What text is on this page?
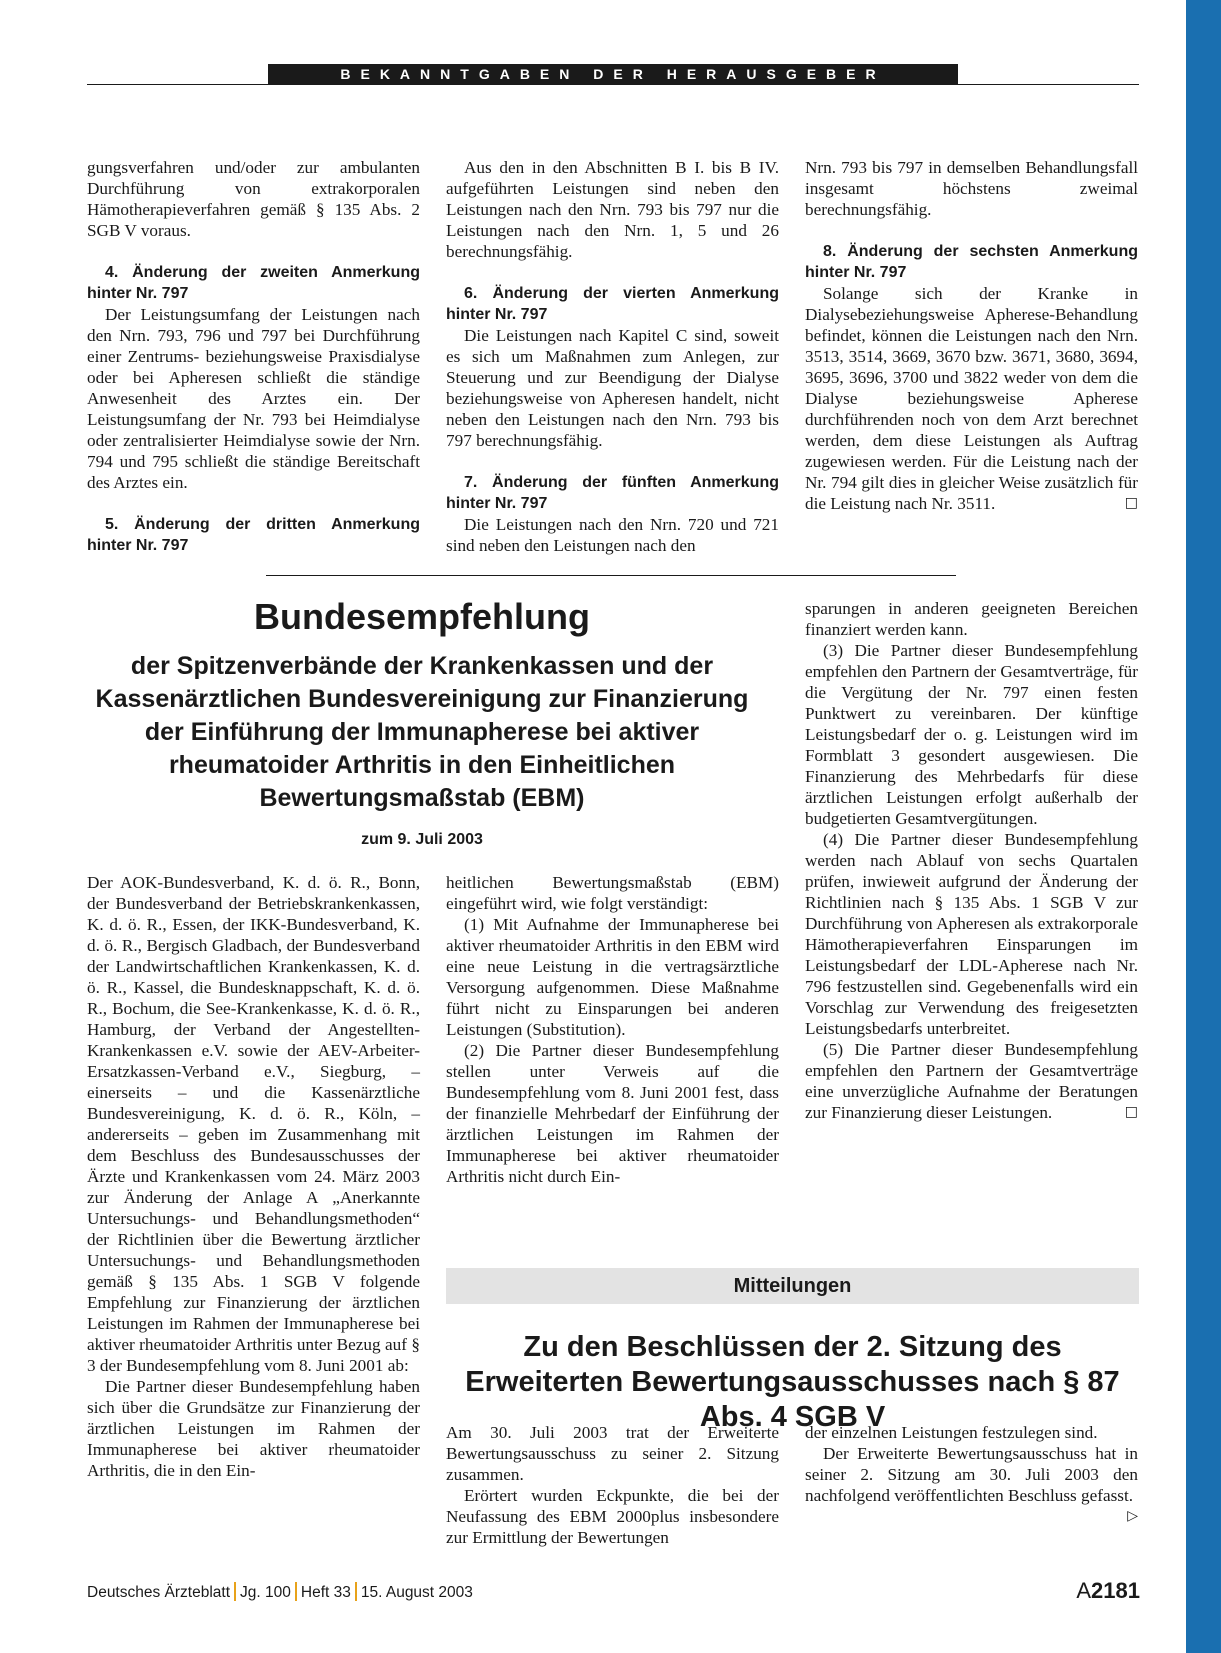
BEKANNTGABEN DER HERAUSGEBER

gungsverfahren und/oder zur ambulanten Durchführung von extrakorporalen Hämotherapieverfahren gemäß § 135 Abs. 2 SGB V voraus.

4. Änderung der zweiten Anmerkung hinter Nr. 797

Der Leistungsumfang der Leistungen nach den Nrn. 793, 796 und 797 bei Durchführung einer Zentrums- beziehungsweise Praxisdialyse oder bei Apheresen schließt die ständige Anwesenheit des Arztes ein. Der Leistungsumfang der Nr. 793 bei Heimdialyse oder zentralisierter Heimdialyse sowie der Nrn. 794 und 795 schließt die ständige Bereitschaft des Arztes ein.

5. Änderung der dritten Anmerkung hinter Nr. 797

Aus den in den Abschnitten B I. bis B IV. aufgeführten Leistungen sind neben den Leistungen nach den Nrn. 793 bis 797 nur die Leistungen nach den Nrn. 1, 5 und 26 berechnungsfähig.

6. Änderung der vierten Anmerkung hinter Nr. 797

Die Leistungen nach Kapitel C sind, soweit es sich um Maßnahmen zum Anlegen, zur Steuerung und zur Beendigung der Dialyse beziehungsweise von Apheresen handelt, nicht neben den Leistungen nach den Nrn. 793 bis 797 berechnungsfähig.

7. Änderung der fünften Anmerkung hinter Nr. 797

Die Leistungen nach den Nrn. 720 und 721 sind neben den Leistungen nach den

Nrn. 793 bis 797 in demselben Behandlungsfall insgesamt höchstens zweimal berechnungsfähig.

8. Änderung der sechsten Anmerkung hinter Nr. 797

Solange sich der Kranke in Dialysebeziehungsweise Apherese-Behandlung befindet, können die Leistungen nach den Nrn. 3513, 3514, 3669, 3670 bzw. 3671, 3680, 3694, 3695, 3696, 3700 und 3822 weder von dem die Dialyse beziehungsweise Apherese durchführenden noch von dem Arzt berechnet werden, dem diese Leistungen als Auftrag zugewiesen werden. Für die Leistung nach der Nr. 794 gilt dies in gleicher Weise zusätzlich für die Leistung nach Nr. 3511.	□

Bundesempfehlung
der Spitzenverbände der Krankenkassen und der Kassenärztlichen Bundesvereinigung zur Finanzierung der Einführung der Immunapherese bei aktiver rheumatoider Arthritis in den Einheitlichen Bewertungsmaßstab (EBM)
zum 9. Juli 2003

Der AOK-Bundesverband, K. d. ö. R., Bonn, der Bundesverband der Betriebskrankenkassen, K. d. ö. R., Essen, der IKK-Bundesverband, K. d. ö. R., Bergisch Gladbach, der Bundesverband der Landwirtschaftlichen Krankenkassen, K. d. ö. R., Kassel, die Bundesknappschaft, K. d. ö. R., Bochum, die See-Krankenkasse, K. d. ö. R., Hamburg, der Verband der Angestellten-Krankenkassen e.V. sowie der AEV-Arbeiter-Ersatzkassen-Verband e.V., Siegburg, – einerseits – und die Kassenärztliche Bundesvereinigung, K. d. ö. R., Köln, – andererseits – geben im Zusammenhang mit dem Beschluss des Bundesausschusses der Ärzte und Krankenkassen vom 24. März 2003 zur Änderung der Anlage A „Anerkannte Untersuchungs- und Behandlungsmethoden“ der Richtlinien über die Bewertung ärztlicher Untersuchungs- und Behandlungsmethoden gemäß § 135 Abs. 1 SGB V folgende Empfehlung zur Finanzierung der ärztlichen Leistungen im Rahmen der Immunapherese bei aktiver rheumatoider Arthritis unter Bezug auf § 3 der Bundesempfehlung vom 8. Juni 2001 ab:

Die Partner dieser Bundesempfehlung haben sich über die Grundsätze zur Finanzierung der ärztlichen Leistungen im Rahmen der Immunapherese bei aktiver rheumatoider Arthritis, die in den Ein-

heitlichen Bewertungsmaßstab (EBM) eingeführt wird, wie folgt verständigt:

(1) Mit Aufnahme der Immunapherese bei aktiver rheumatoider Arthritis in den EBM wird eine neue Leistung in die vertragsärztliche Versorgung aufgenommen. Diese Maßnahme führt nicht zu Einsparungen bei anderen Leistungen (Substitution).

(2) Die Partner dieser Bundesempfehlung stellen unter Verweis auf die Bundesempfehlung vom 8. Juni 2001 fest, dass der finanzielle Mehrbedarf der Einführung der ärztlichen Leistungen im Rahmen der Immunapherese bei aktiver rheumatoider Arthritis nicht durch Ein-

sparungen in anderen geeigneten Bereichen finanziert werden kann.

(3) Die Partner dieser Bundesempfehlung empfehlen den Partnern der Gesamtverträge, für die Vergütung der Nr. 797 einen festen Punktwert zu vereinbaren. Der künftige Leistungsbedarf der o. g. Leistungen wird im Formblatt 3 gesondert ausgewiesen. Die Finanzierung des Mehrbedarfs für diese ärztlichen Leistungen erfolgt außerhalb der budgetierten Gesamtvergütungen.

(4) Die Partner dieser Bundesempfehlung werden nach Ablauf von sechs Quartalen prüfen, inwieweit aufgrund der Änderung der Richtlinien nach § 135 Abs. 1 SGB V zur Durchführung von Apheresen als extrakorporale Hämotherapieverfahren Einsparungen im Leistungsbedarf der LDL-Apherese nach Nr. 796 festzustellen sind. Gegebenenfalls wird ein Vorschlag zur Verwendung des freigesetzten Leistungsbedarfs unterbreitet.

(5) Die Partner dieser Bundesempfehlung empfehlen den Partnern der Gesamtverträge eine unverzügliche Aufnahme der Beratungen zur Finanzierung dieser Leistungen.	□

Mitteilungen
Zu den Beschlüssen der 2. Sitzung des Erweiterten Bewertungsausschusses nach § 87 Abs. 4 SGB V

Am 30. Juli 2003 trat der Erweiterte Bewertungsausschuss zu seiner 2. Sitzung zusammen.

Erörtert wurden Eckpunkte, die bei der Neufassung des EBM 2000plus insbesondere zur Ermittlung der Bewertungen

der einzelnen Leistungen festzulegen sind.

Der Erweiterte Bewertungsausschuss hat in seiner 2. Sitzung am 30. Juli 2003 den nachfolgend veröffentlichten Beschluss gefasst.
▷

Deutsches Ärzteblatt Jg. 100 Heft 33 15. August 2003	A2181
